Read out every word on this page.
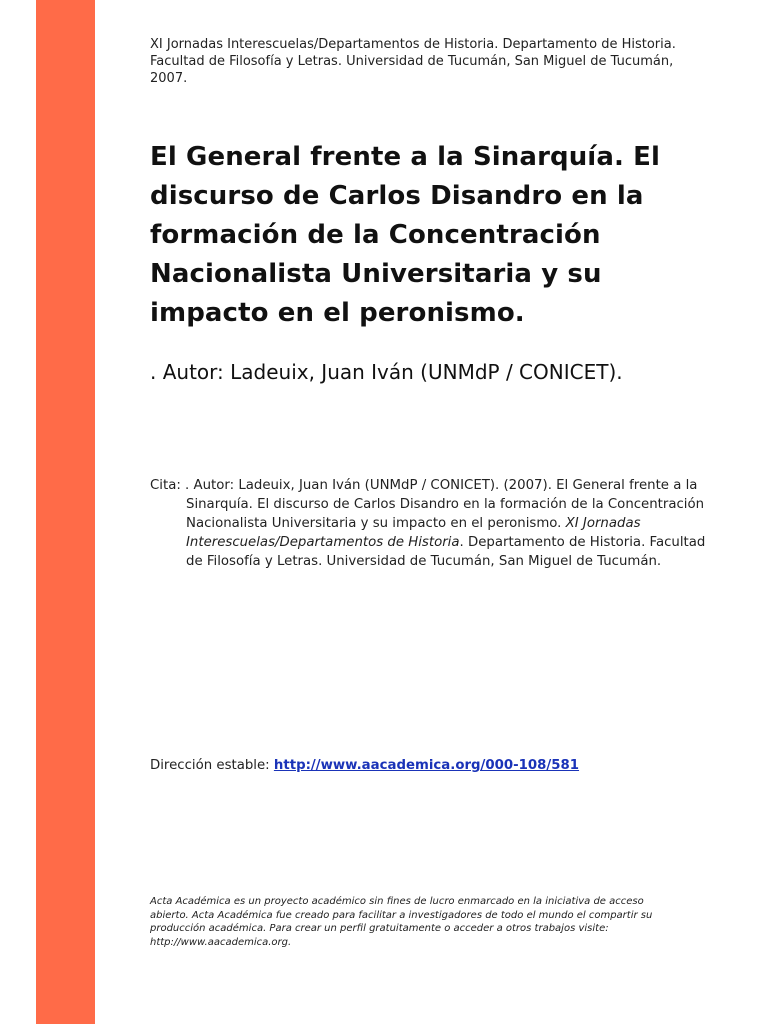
XI Jornadas Interescuelas/Departamentos de Historia. Departamento de Historia. Facultad de Filosofía y Letras. Universidad de Tucumán, San Miguel de Tucumán, 2007.
El General frente a la Sinarquía. El discurso de Carlos Disandro en la formación de la Concentración Nacionalista Universitaria y su impacto en el peronismo.
. Autor: Ladeuix, Juan Iván (UNMdP / CONICET).
Cita: . Autor: Ladeuix, Juan Iván (UNMdP / CONICET). (2007). El General frente a la Sinarquía. El discurso de Carlos Disandro en la formación de la Concentración Nacionalista Universitaria y su impacto en el peronismo. XI Jornadas Interescuelas/Departamentos de Historia. Departamento de Historia. Facultad de Filosofía y Letras. Universidad de Tucumán, San Miguel de Tucumán.
Dirección estable: http://www.aacademica.org/000-108/581
Acta Académica es un proyecto académico sin fines de lucro enmarcado en la iniciativa de acceso abierto. Acta Académica fue creado para facilitar a investigadores de todo el mundo el compartir su producción académica. Para crear un perfil gratuitamente o acceder a otros trabajos visite: http://www.aacademica.org.
